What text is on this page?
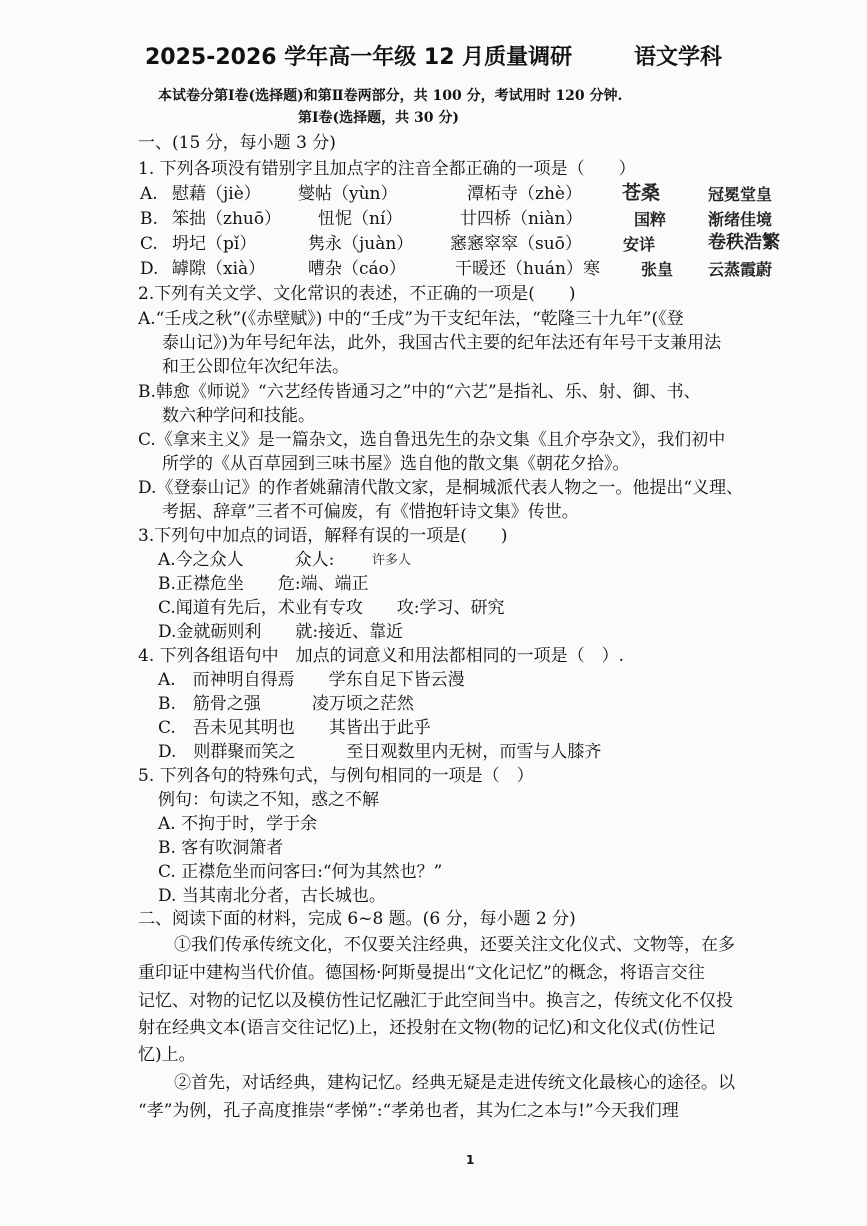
2025-2026 学年高一年级 12 月质量调研	语文学科
本试卷分第Ⅰ卷(选择题)和第Ⅱ卷两部分，共 100 分，考试用时 120 分钟.
第Ⅰ卷(选择题，共 30 分)
一、(15 分，每小题 3 分)
1. 下列各项没有错别字且加点字的注音全都正确的一项是（　　）
A. 慰藉（jiè） 燮帖（yùn）	潭柘寺（zhè） 苍桑	冠冕堂皇
B. 笨拙（zhuō） 忸怩（ní）	廿四桥（niàn）	国粹	渐绪佳境
C. 坍圮（pǐ）	隽永（juàn） 窸窸窣窣（suō）	安详	卷秩浩繁
D. 罅隙（xià）	嘈杂（cáo）	干暖还（huán）寒	张皇 云蒸霞蔚
2.下列有关文学、文化常识的表述，不正确的一项是(　　)
A.“壬戌之秋”(《赤壁赋》) 中的“壬戌”为干支纪年法，“乾隆三十九年”(《登
泰山记》)为年号纪年法，此外，我国古代主要的纪年法还有年号干支兼用法
和王公即位年次纪年法。
B.韩愈《师说》“六艺经传皆通习之”中的“六艺”是指礼、乐、射、御、书、
数六种学问和技能。
C.《拿来主义》是一篇杂文，选自鲁迅先生的杂文集《且介亭杂文》，我们初中
所学的《从百草园到三味书屋》选自他的散文集《朝花夕拾》。
D.《登泰山记》的作者姚鼐清代散文家，是桐城派代表人物之一。他提出“义理、
考据、辞章”三者不可偏废，有《惜抱轩诗文集》传世。
3.下列句中加点的词语，解释有误的一项是(　　)
A.今之众人　　　众人:	许多人
B.正襟危坐　　危:端、端正
C.闻道有先后，术业有专攻　　攻:学习、研究
D.金就砺则利　　就:接近、靠近
4. 下列各组语句中　加点的词意义和用法都相同的一项是（　）.
A.　而神明自得焉　　学东自足下皆云漫
B.　筋骨之强　　　凌万顷之茫然
C.　吾未见其明也　　其皆出于此乎
D.　则群聚而笑之　　　至日观数里内无树，而雪与人膝齐
5. 下列各句的特殊句式，与例句相同的一项是（　）
例句：句读之不知，惑之不解
A. 不拘于时，学于余
B. 客有吹洞箫者
C. 正襟危坐而问客曰:“何为其然也？”
D. 当其南北分者，古长城也。
二、阅读下面的材料，完成 6~8 题。(6 分，每小题 2 分)
①我们传承传统文化，不仅要关注经典，还要关注文化仪式、文物等，在多
重印证中建构当代价值。德国杨·阿斯曼提出“文化记忆”的概念，将语言交往
记忆、对物的记忆以及模仿性记忆融汇于此空间当中。换言之，传统文化不仅投
射在经典文本(语言交往记忆)上，还投射在文物(物的记忆)和文化仪式(仿性记
忆)上。
②首先，对话经典，建构记忆。经典无疑是走进传统文化最核心的途径。以
“孝”为例，孔子高度推崇“孝悌”:“孝弟也者，其为仁之本与!”今天我们理
1
